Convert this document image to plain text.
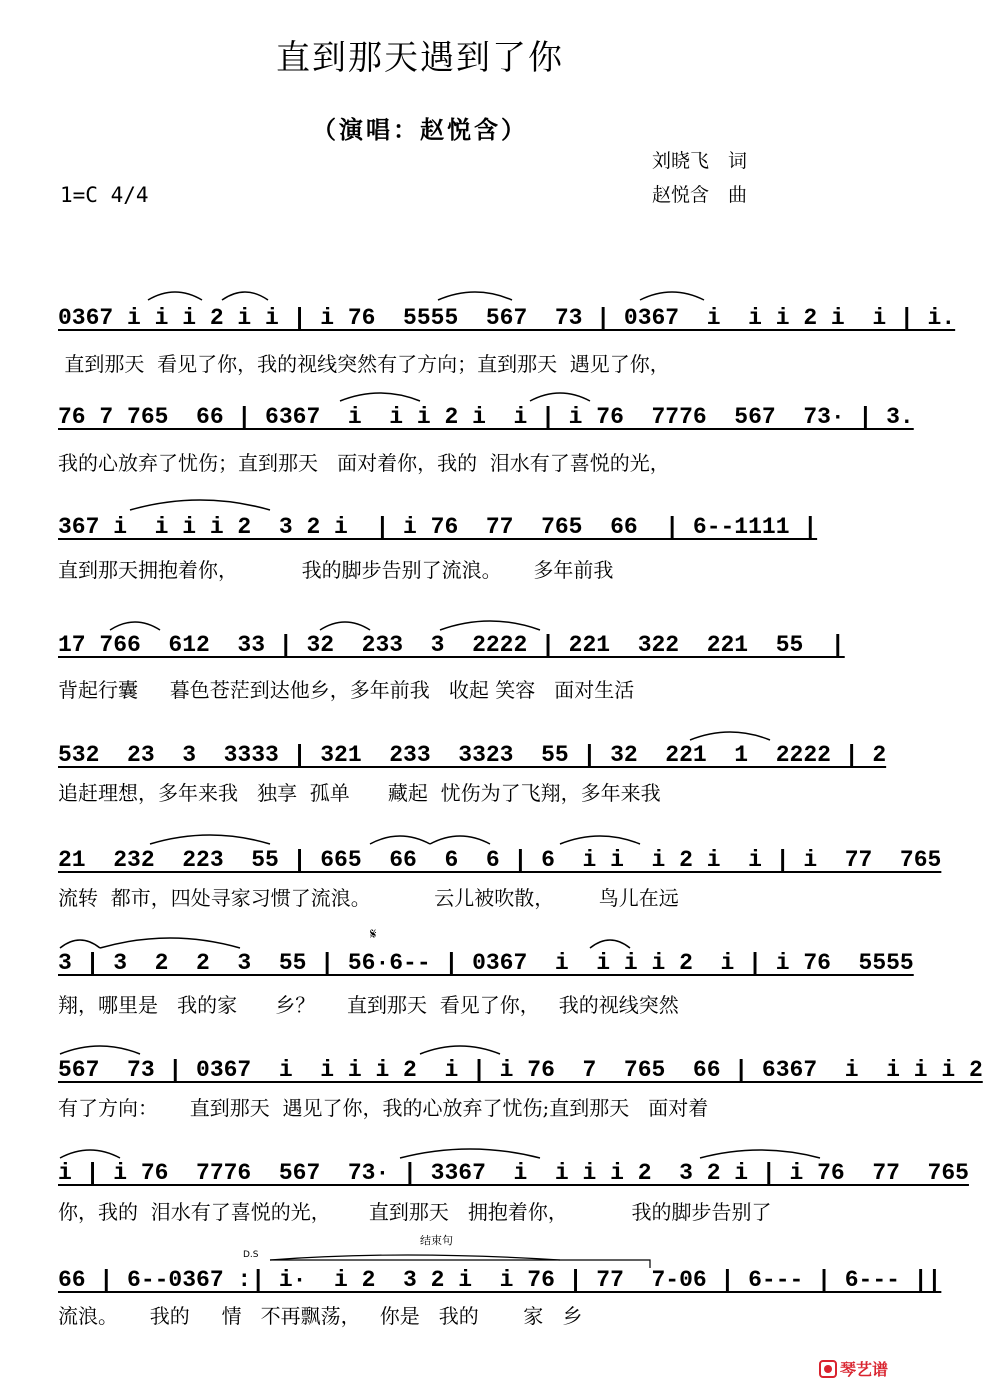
直到那天遇到了你
（演唱：赵悦含）
刘晓飞　词
赵悦含　曲
1=C 4/4
0367 i i i 2 i i | i 76  5555  567  73 | 0367  i  i i 2 i  i | i.
直到那天  看见了你，我的视线突然有了方向；直到那天  遇见了你，
76 7 765  66 | 6367  i  i i 2 i  i | i 76  7776  567  73· | 3.
我的心放弃了忧伤；直到那天   面对着你，我的  泪水有了喜悦的光，
367 i  i i i 2  3 2 i  | i 76  77  765  66  | 6--1111 |
直到那天拥抱着你，          我的脚步告别了流浪。     多年前我
17 766  612  33 | 32  233  3  2222 | 221  322  221  55  |
背起行囊     暮色苍茫到达他乡，多年前我   收起 笑容   面对生活
532  23  3  3333 | 321  233  3323  55 | 32  221  1  2222 | 2
追赶理想，多年来我   独享  孤单      藏起  忧伤为了飞翔，多年来我
21  232  223  55 | 665  66  6  6 | 6  i i  i 2 i  i | i  77  765
流转  都市，四处寻家习惯了流浪。          云儿被吹散，       鸟儿在远
𝄋
3 | 3  2  2  3  55 | 56·6-- | 0367  i  i i i 2  i | i 76  5555
翔，哪里是   我的家      乡？     直到那天  看见了你，   我的视线突然
567  73 | 0367  i  i i i 2  i | i 76  7  765  66 | 6367  i  i i i 2
有了方向：     直到那天  遇见了你，我的心放弃了忧伤;直到那天   面对着
i | i 76  7776  567  73· | 3367  i  i i i 2  3 2 i | i 76  77  765
你，我的  泪水有了喜悦的光，      直到那天   拥抱着你，          我的脚步告别了
结束句
D.S
66 | 6--0367 :| i·  i 2  3 2 i  i 76 | 77  7-06 | 6--- | 6--- ||
流浪。     我的     情   不再飘荡，   你是   我的       家   乡
琴艺谱
